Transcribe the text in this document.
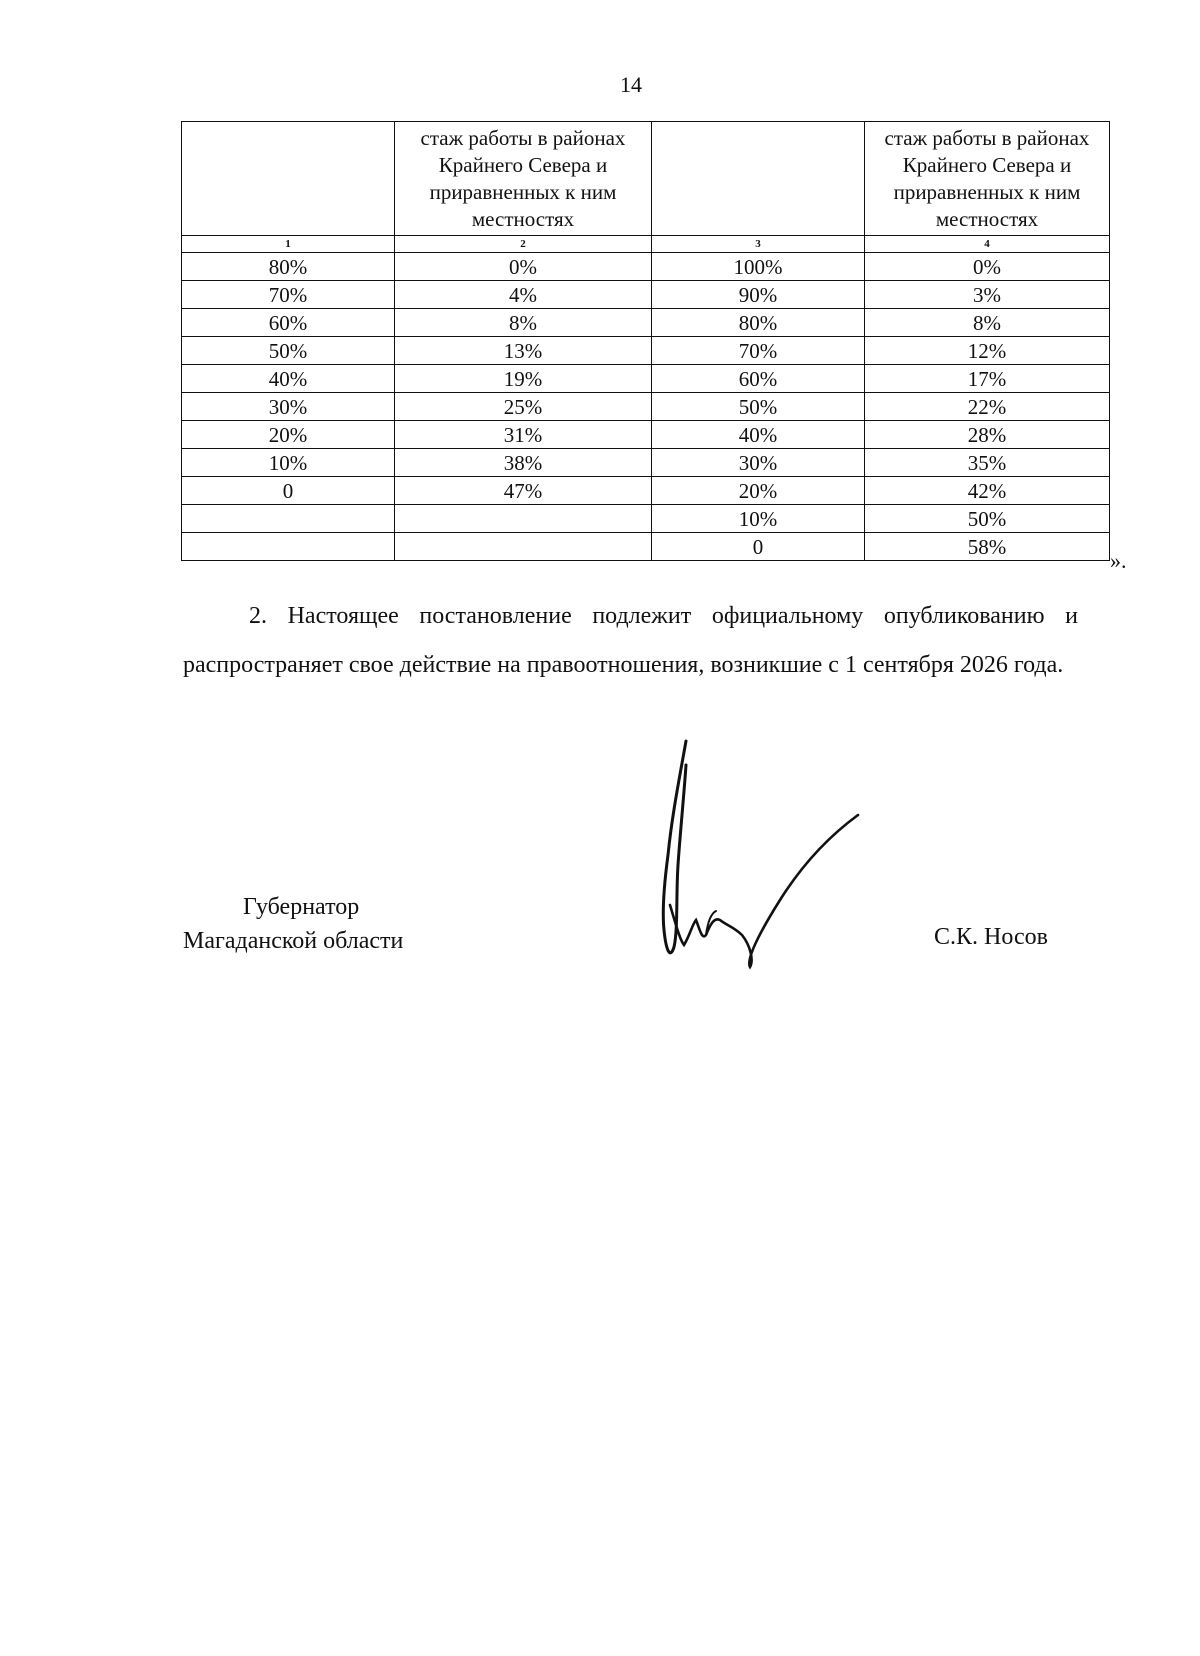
14
	стаж работы в районах Крайнего Севера и приравненных к ним местностях		стаж работы в районах Крайнего Севера и приравненных к ним местностях
1	2	3	4
80%	0%	100%	0%
70%	4%	90%	3%
60%	8%	80%	8%
50%	13%	70%	12%
40%	19%	60%	17%
30%	25%	50%	22%
20%	31%	40%	28%
10%	38%	30%	35%
0	47%	20%	42%
		10%	50%
		0	58%
».

2. Настоящее постановление подлежит официальному опубликованию и распространяет свое действие на правоотношения, возникшие с 1 сентября 2026 года.

Губернатор
Магаданской области	С.К. Носов
